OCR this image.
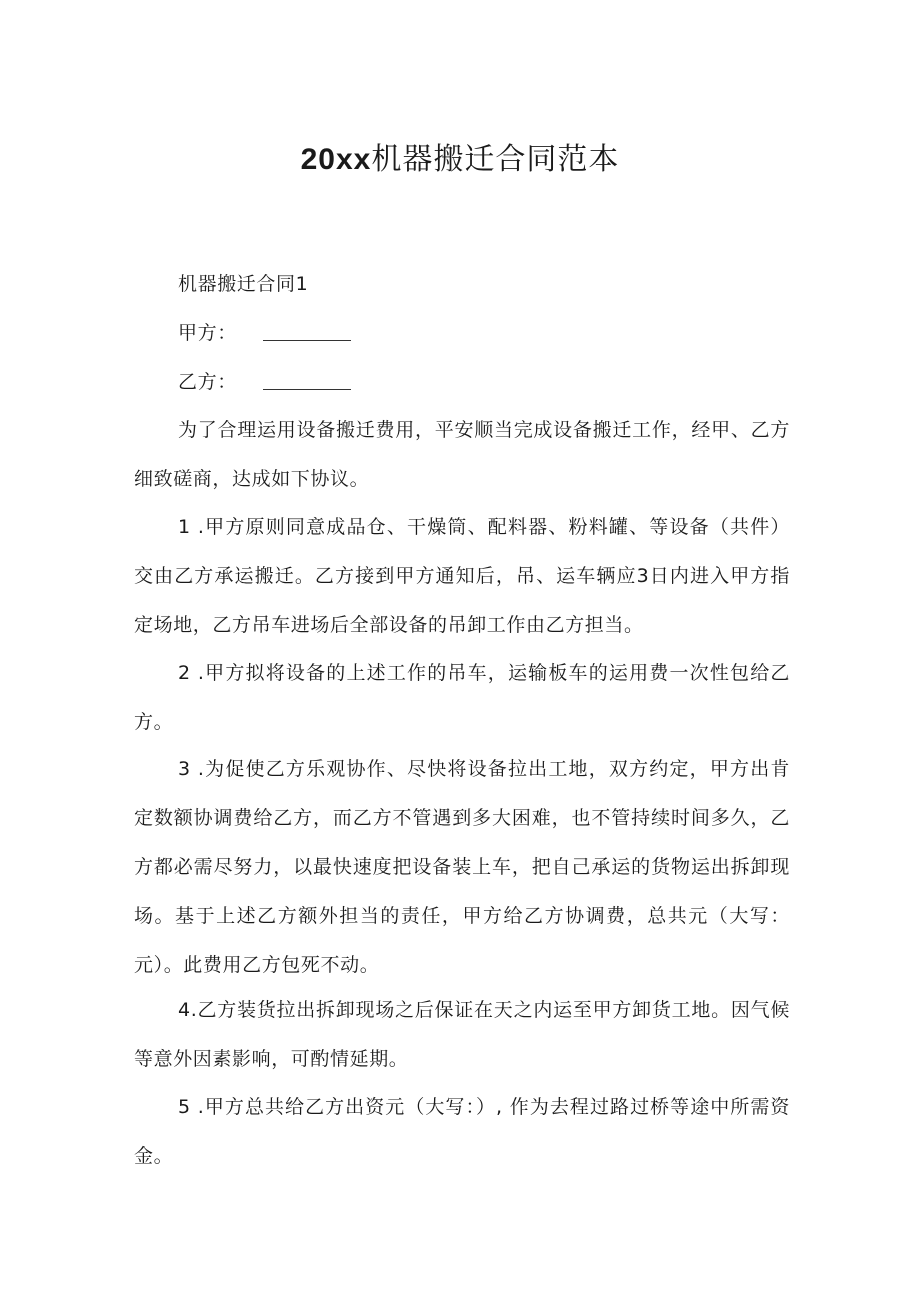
20xx机器搬迁合同范本
机器搬迁合同1
甲方：
乙方：
为了合理运用设备搬迁费用，平安顺当完成设备搬迁工作，经甲、乙方细致磋商，达成如下协议。
1 .甲方原则同意成品仓、干燥筒、配料器、粉料罐、等设备（共件）交由乙方承运搬迁。乙方接到甲方通知后，吊、运车辆应3日内进入甲方指定场地，乙方吊车进场后全部设备的吊卸工作由乙方担当。
2 .甲方拟将设备的上述工作的吊车，运输板车的运用费一次性包给乙方。
3 .为促使乙方乐观协作、尽快将设备拉出工地，双方约定，甲方出肯定数额协调费给乙方，而乙方不管遇到多大困难，也不管持续时间多久，乙方都必需尽努力，以最快速度把设备装上车，把自己承运的货物运出拆卸现场。基于上述乙方额外担当的责任，甲方给乙方协调费，总共元（大写：元）。此费用乙方包死不动。
4.乙方装货拉出拆卸现场之后保证在天之内运至甲方卸货工地。因气候等意外因素影响，可酌情延期。
5 .甲方总共给乙方出资元（大写：）, 作为去程过路过桥等途中所需资金。
